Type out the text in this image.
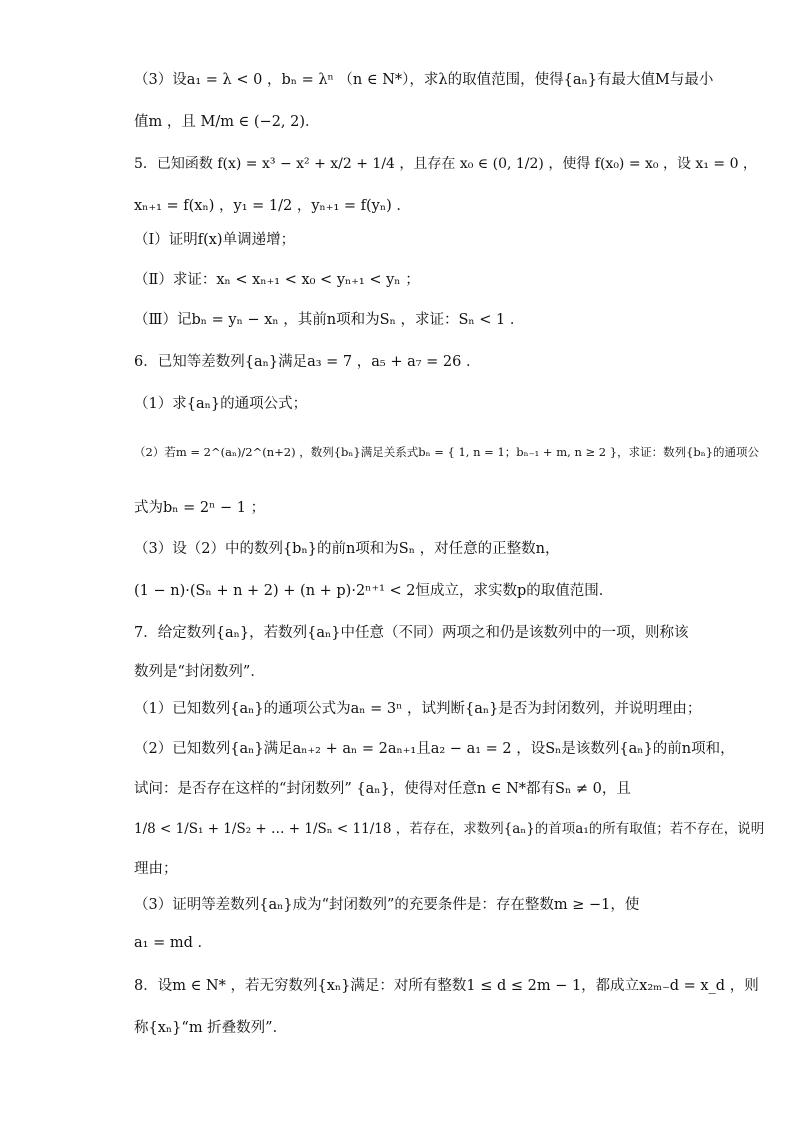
（3）设a₁ = λ < 0 ，bₙ = λⁿ （n ∈ N*），求λ的取值范围，使得{aₙ}有最大值M与最小
值m ，且 M/m ∈ (−2, 2)．
5．已知函数 f(x) = x³ − x² + x/2 + 1/4 ，且存在 x₀ ∈ (0, 1/2) ，使得 f(x₀) = x₀ ，设 x₁ = 0 ，
xₙ₊₁ = f(xₙ) ，y₁ = 1/2 ，yₙ₊₁ = f(yₙ) ．
（Ⅰ）证明f(x)单调递增；
（Ⅱ）求证：xₙ < xₙ₊₁ < x₀ < yₙ₊₁ < yₙ ；
（Ⅲ）记bₙ = yₙ − xₙ ，其前n项和为Sₙ ，求证：Sₙ < 1 ．
6．已知等差数列{aₙ}满足a₃ = 7 ，a₅ + a₇ = 26 ．
（1）求{aₙ}的通项公式；
（2）若m = 2^(aₙ)/2^(n+2) ，数列{bₙ}满足关系式bₙ = { 1, n = 1；bₙ₋₁ + m, n ≥ 2 }，求证：数列{bₙ}的通项公
式为bₙ = 2ⁿ − 1 ；
（3）设（2）中的数列{bₙ}的前n项和为Sₙ ，对任意的正整数n，
(1 − n)·(Sₙ + n + 2) + (n + p)·2ⁿ⁺¹ < 2恒成立，求实数p的取值范围．
7．给定数列{aₙ}，若数列{aₙ}中任意（不同）两项之和仍是该数列中的一项，则称该
数列是“封闭数列”．
（1）已知数列{aₙ}的通项公式为aₙ = 3ⁿ ，试判断{aₙ}是否为封闭数列，并说明理由；
（2）已知数列{aₙ}满足aₙ₊₂ + aₙ = 2aₙ₊₁且a₂ − a₁ = 2 ，设Sₙ是该数列{aₙ}的前n项和，
试问：是否存在这样的“封闭数列” {aₙ}，使得对任意n ∈ N*都有Sₙ ≠ 0，且
1/8 < 1/S₁ + 1/S₂ + … + 1/Sₙ < 11/18 ，若存在，求数列{aₙ}的首项a₁的所有取值；若不存在，说明
理由；
（3）证明等差数列{aₙ}成为“封闭数列”的充要条件是：存在整数m ≥ −1，使
a₁ = md ．
8．设m ∈ N* ，若无穷数列{xₙ}满足：对所有整数1 ≤ d ≤ 2m − 1，都成立x₂ₘ₋d = x_d ，则
称{xₙ}“m 折叠数列”．
